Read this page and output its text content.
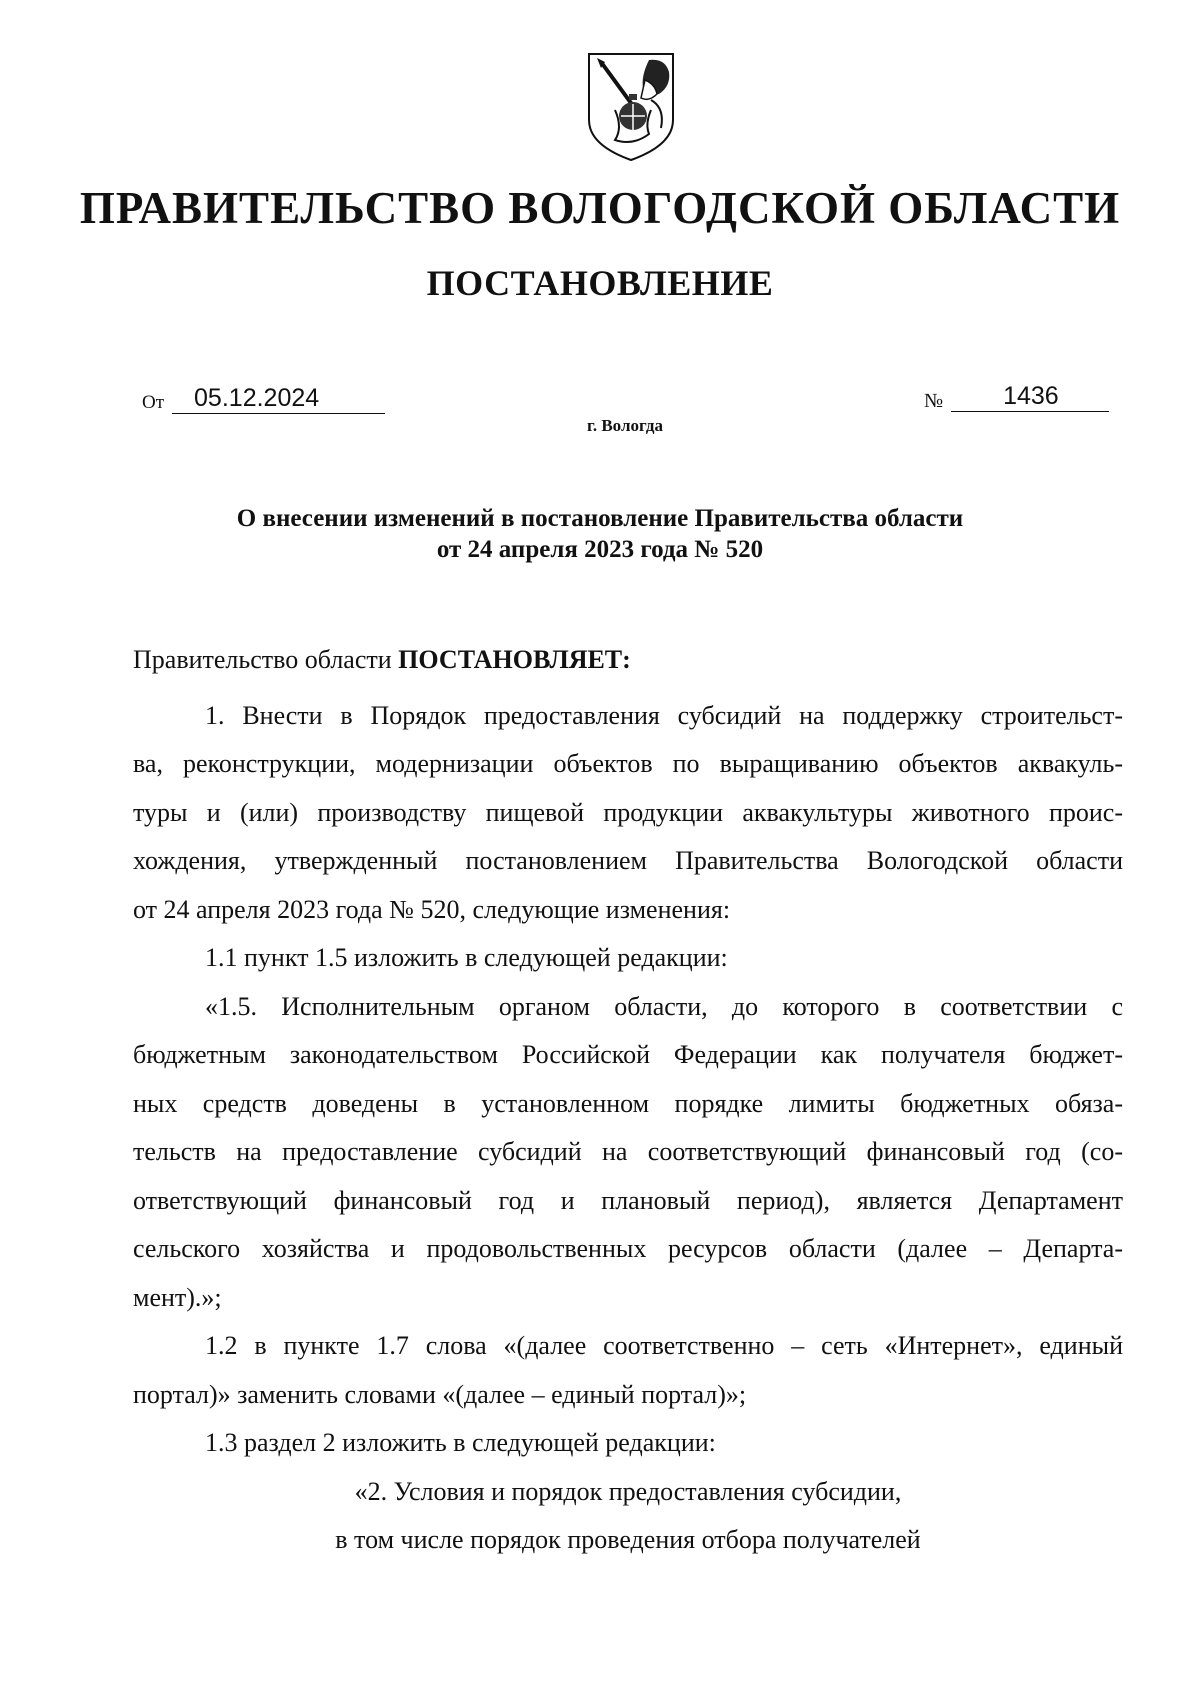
ПРАВИТЕЛЬСТВО ВОЛОГОДСКОЙ ОБЛАСТИ
ПОСТАНОВЛЕНИЕ
От	05.12.2024	№	1436
г. Вологда
О внесении изменений в постановление Правительства области
от 24 апреля 2023 года № 520
Правительство области ПОСТАНОВЛЯЕТ:
1. Внести в Порядок предоставления субсидий на поддержку строительст-
ва, реконструкции, модернизации объектов по выращиванию объектов аквакуль-
туры и (или) производству пищевой продукции аквакультуры животного проис-
хождения, утвержденный постановлением Правительства Вологодской области
от 24 апреля 2023 года № 520, следующие изменения:
1.1 пункт 1.5 изложить в следующей редакции:
«1.5. Исполнительным органом области, до которого в соответствии с
бюджетным законодательством Российской Федерации как получателя бюджет-
ных средств доведены в установленном порядке лимиты бюджетных обяза-
тельств на предоставление субсидий на соответствующий финансовый год (со-
ответствующий финансовый год и плановый период), является Департамент
сельского хозяйства и продовольственных ресурсов области (далее – Департа-
мент).»;
1.2 в пункте 1.7 слова «(далее соответственно – сеть «Интернет», единый
портал)» заменить словами «(далее – единый портал)»;
1.3 раздел 2 изложить в следующей редакции:
«2. Условия и порядок предоставления субсидии,
в том числе порядок проведения отбора получателей
